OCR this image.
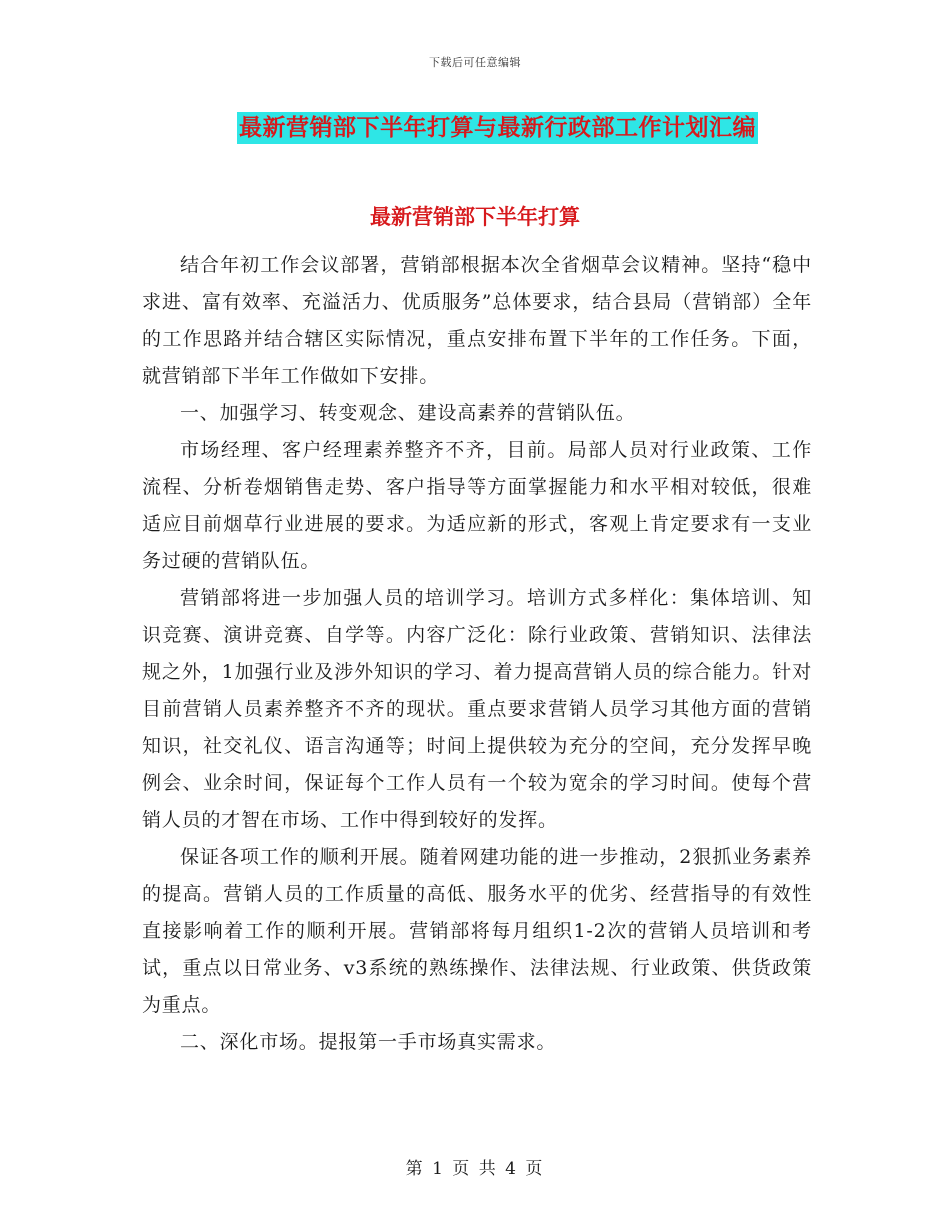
下载后可任意编辑
最新营销部下半年打算与最新行政部工作计划汇编
最新营销部下半年打算

结合年初工作会议部署，营销部根据本次全省烟草会议精神。坚持“稳中求进、富有效率、充溢活力、优质服务”总体要求，结合县局（营销部）全年的工作思路并结合辖区实际情况，重点安排布置下半年的工作任务。下面，就营销部下半年工作做如下安排。

一、加强学习、转变观念、建设高素养的营销队伍。

市场经理、客户经理素养整齐不齐，目前。局部人员对行业政策、工作流程、分析卷烟销售走势、客户指导等方面掌握能力和水平相对较低，很难适应目前烟草行业进展的要求。为适应新的形式，客观上肯定要求有一支业务过硬的营销队伍。

营销部将进一步加强人员的培训学习。培训方式多样化：集体培训、知识竞赛、演讲竞赛、自学等。内容广泛化：除行业政策、营销知识、法律法规之外，1加强行业及涉外知识的学习、着力提高营销人员的综合能力。针对目前营销人员素养整齐不齐的现状。重点要求营销人员学习其他方面的营销知识，社交礼仪、语言沟通等；时间上提供较为充分的空间，充分发挥早晚例会、业余时间，保证每个工作人员有一个较为宽余的学习时间。使每个营销人员的才智在市场、工作中得到较好的发挥。

保证各项工作的顺利开展。随着网建功能的进一步推动，2狠抓业务素养的提高。营销人员的工作质量的高低、服务水平的优劣、经营指导的有效性直接影响着工作的顺利开展。营销部将每月组织1-2次的营销人员培训和考试，重点以日常业务、v3系统的熟练操作、法律法规、行业政策、供货政策为重点。

二、深化市场。提报第一手市场真实需求。

第 1 页 共 4 页
